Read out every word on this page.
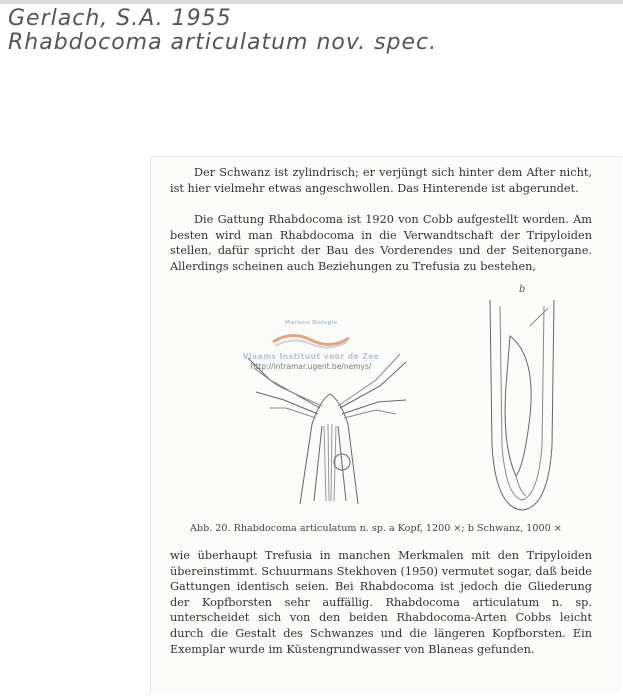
Gerlach, S.A. 1955
Rhabdocoma articulatum nov. spec.

Der Schwanz ist zylindrisch; er verjüngt sich hinter dem After nicht, ist hier vielmehr etwas angeschwollen. Das Hinterende ist abgerundet.

Die Gattung Rhabdocoma ist 1920 von Cobb aufgestellt worden. Am besten wird man Rhabdocoma in die Verwandtschaft der Tripyloiden stellen, dafür spricht der Bau des Vorderendes und der Seitenorgane. Allerdings scheinen auch Beziehungen zu Trefusia zu bestehen,

b
Mariene Biologie
Vlaams Instituut voor de Zee
http://intramar.ugent.be/nemys/
Abb. 20. Rhabdocoma articulatum n. sp. a Kopf, 1200 ×; b Schwanz, 1000 ×

wie überhaupt Trefusia in manchen Merkmalen mit den Tripyloiden übereinstimmt. Schuurmans Stekhoven (1950) vermutet sogar, daß beide Gattungen identisch seien. Bei Rhabdocoma ist jedoch die Gliederung der Kopfborsten sehr auffällig. Rhabdocoma articulatum n. sp. unterscheidet sich von den beiden Rhabdocoma-Arten Cobbs leicht durch die Gestalt des Schwanzes und die längeren Kopfborsten. Ein Exemplar wurde im Küstengrundwasser von Blaneas gefunden.
